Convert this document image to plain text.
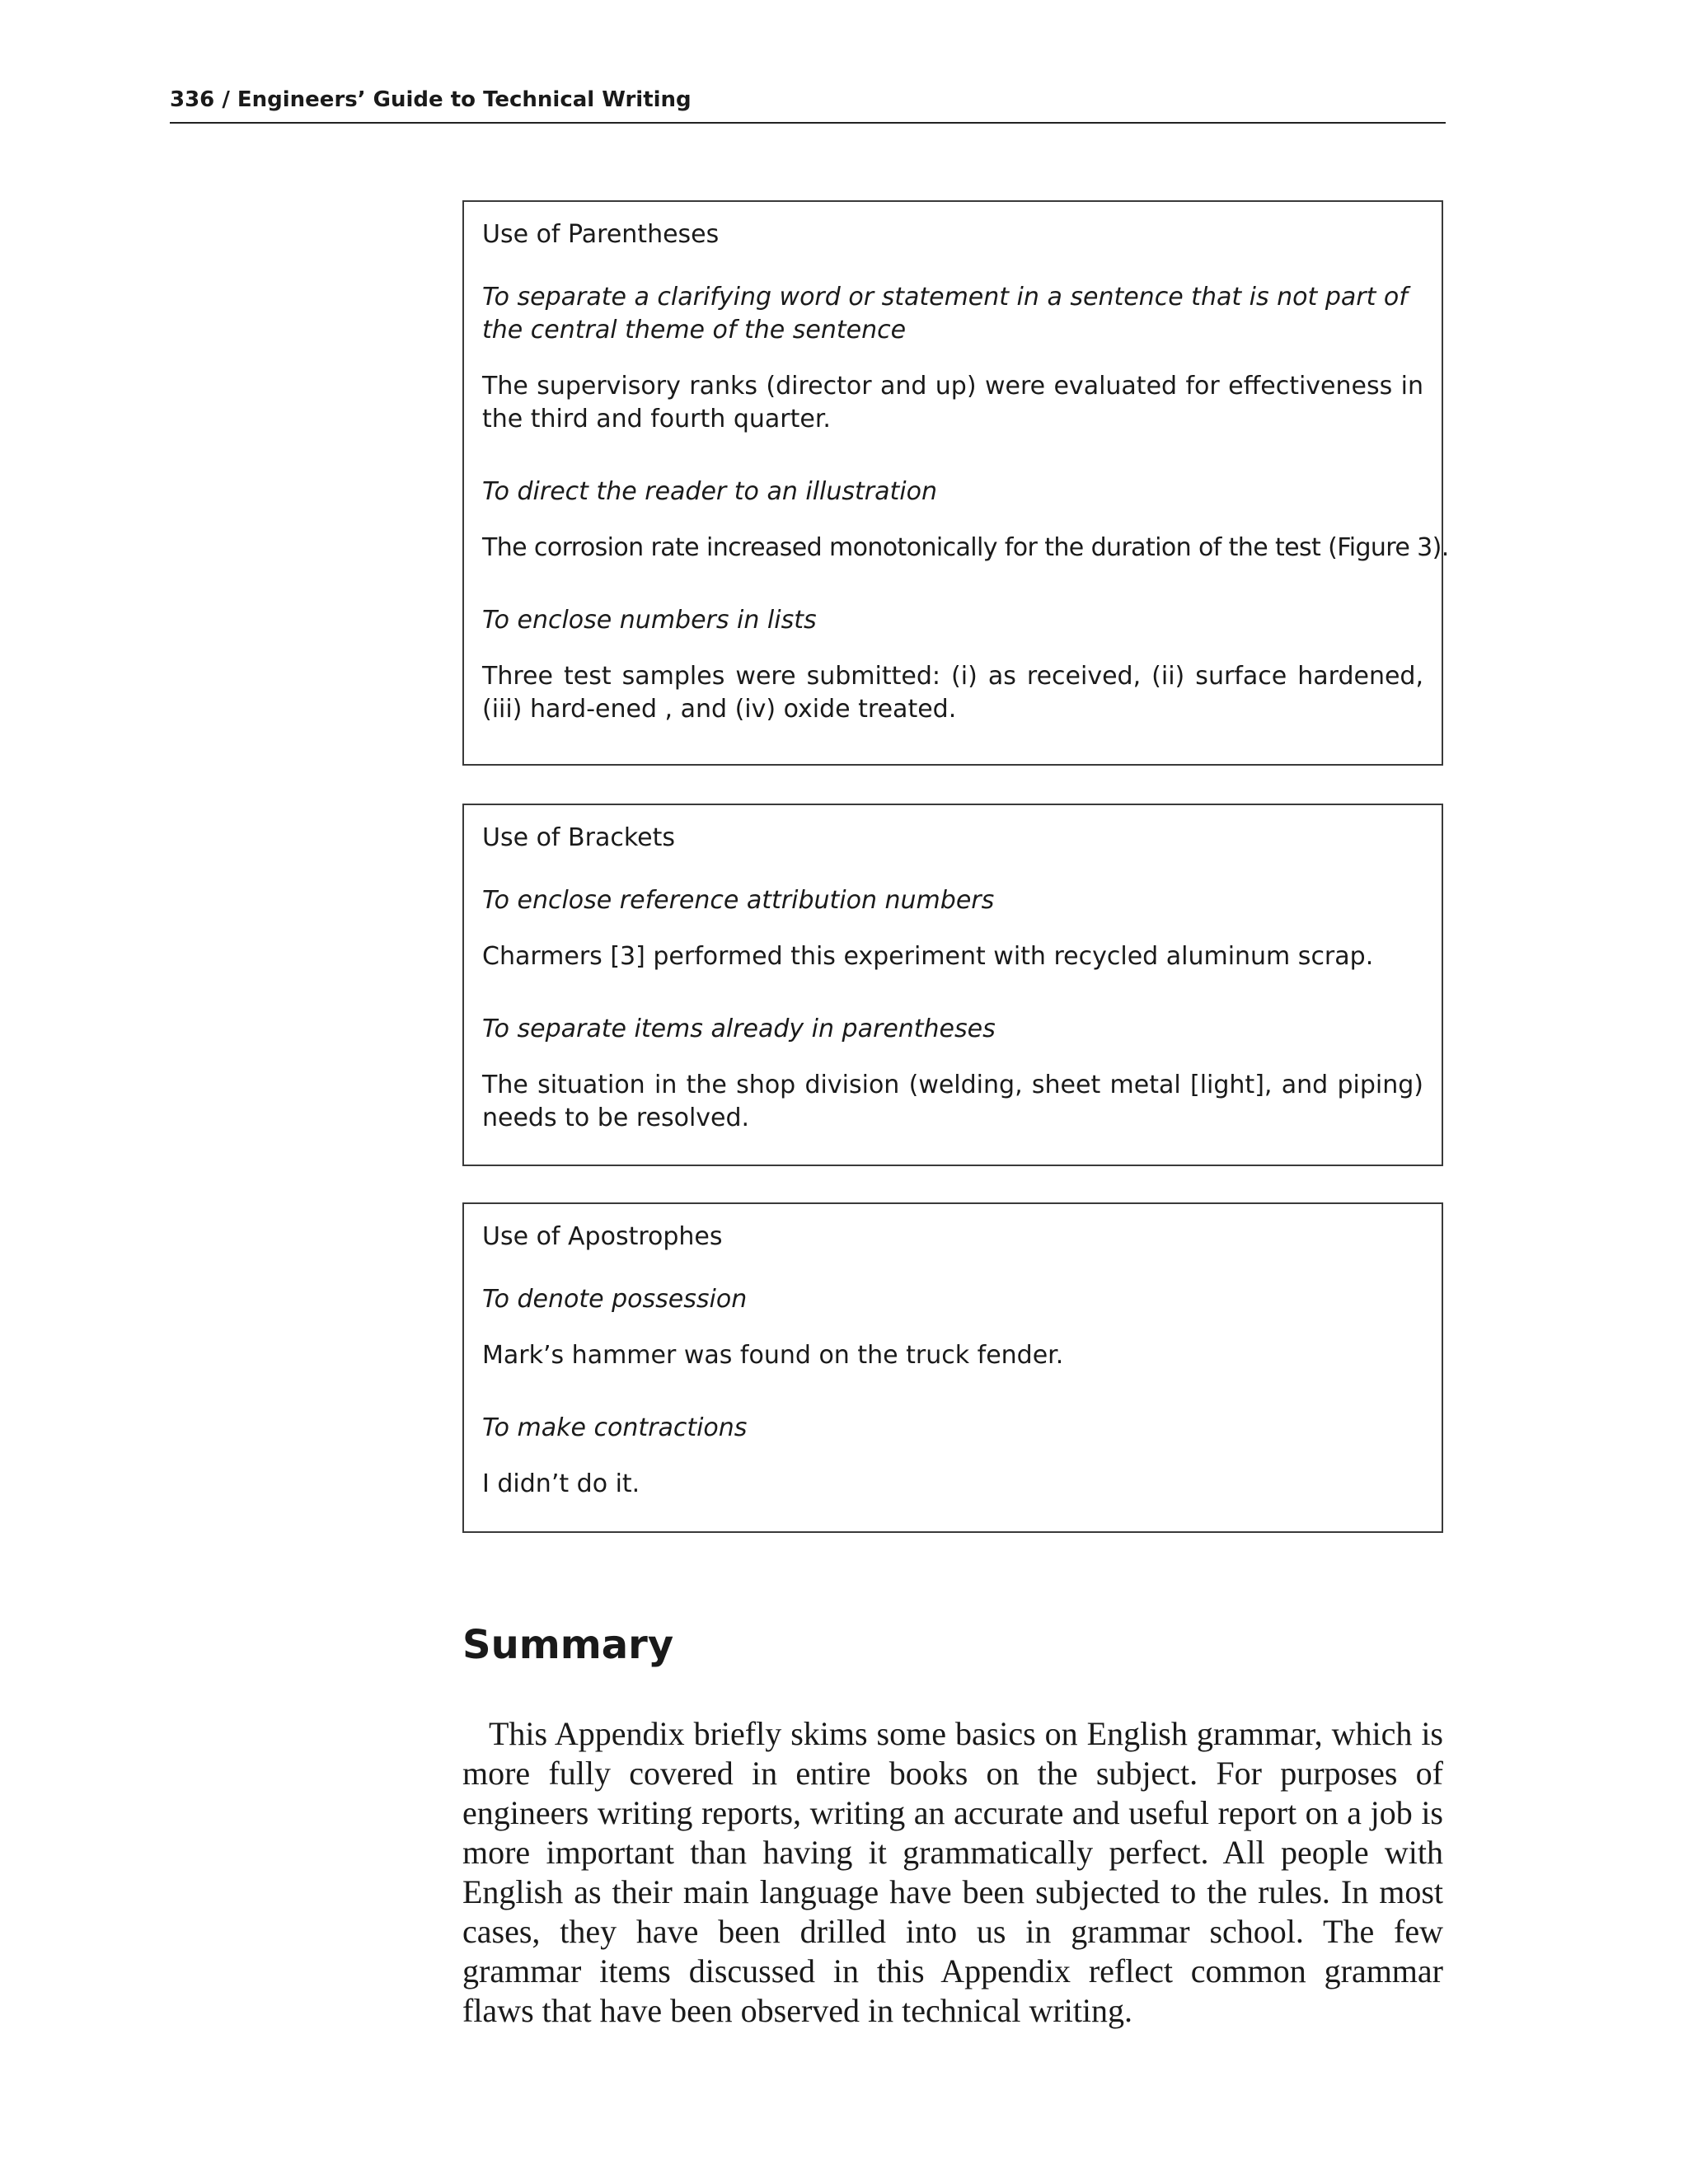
336 / Engineers’ Guide to Technical Writing
Use of Parentheses
To separate a clarifying word or statement in a sentence that is not part of the central theme of the sentence
The supervisory ranks (director and up) were evaluated for effectiveness in the third and fourth quarter.
To direct the reader to an illustration
The corrosion rate increased monotonically for the duration of the test (Figure 3).
To enclose numbers in lists
Three test samples were submitted: (i) as received, (ii) surface hardened, (iii) hard-ened , and (iv) oxide treated.
Use of Brackets
To enclose reference attribution numbers
Charmers [3] performed this experiment with recycled aluminum scrap.
To separate items already in parentheses
The situation in the shop division (welding, sheet metal [light], and piping) needs to be resolved.
Use of Apostrophes
To denote possession
Mark’s hammer was found on the truck fender.
To make contractions
I didn’t do it.
Summary

This Appendix briefly skims some basics on English grammar, which is more fully covered in entire books on the subject. For purposes of engineers writing reports, writing an accurate and useful report on a job is more important than having it grammatically perfect. All people with English as their main language have been subjected to the rules. In most cases, they have been drilled into us in grammar school. The few grammar items discussed in this Appendix reflect common grammar flaws that have been observed in technical writing.
